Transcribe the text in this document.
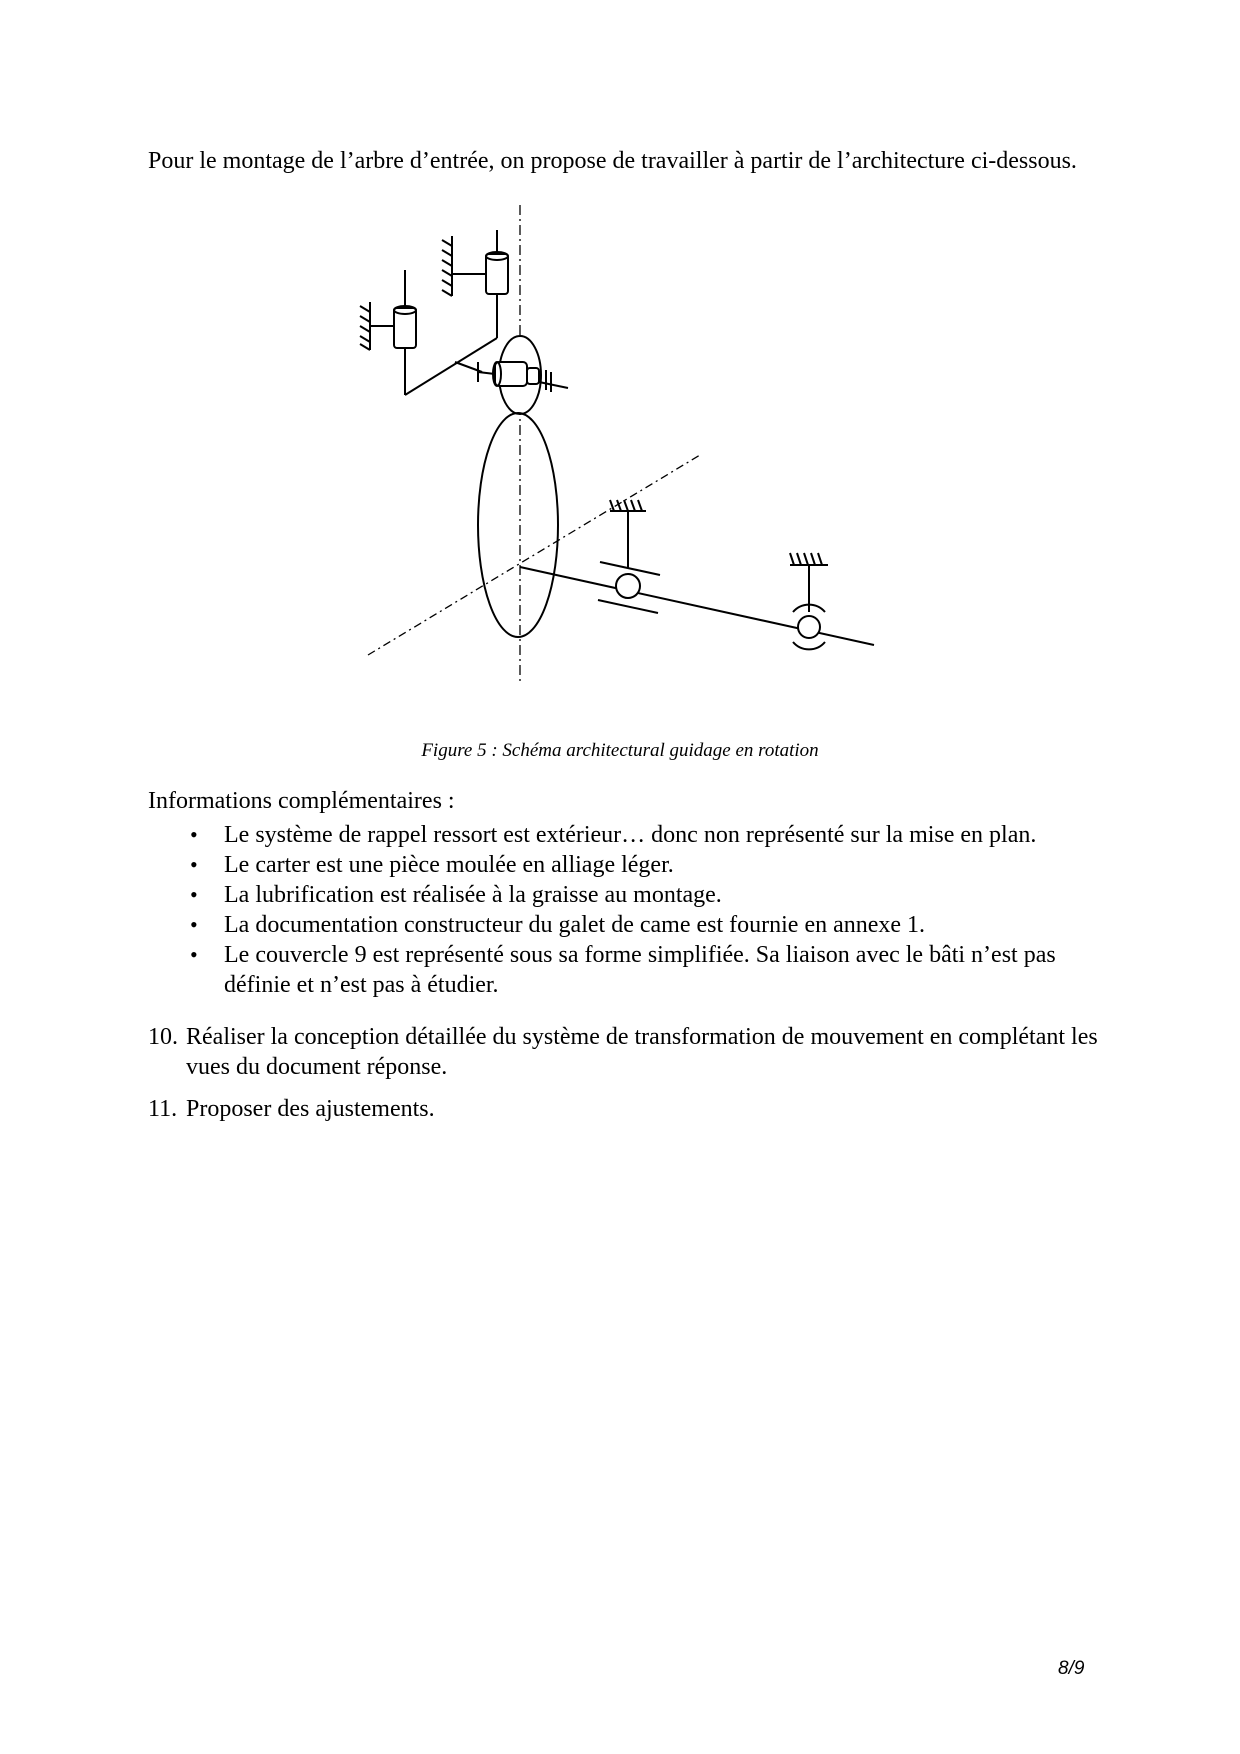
Pour le montage de l’arbre d’entrée, on propose de travailler à partir de l’architecture ci-dessous.

Figure 5 : Schéma architectural guidage en rotation

Informations complémentaires :

• Le système de rappel ressort est extérieur… donc non représenté sur la mise en plan.
• Le carter est une pièce moulée en alliage léger.
• La lubrification est réalisée à la graisse au montage.
• La documentation constructeur du galet de came est fournie en annexe 1.
• Le couvercle 9 est représenté sous sa forme simplifiée. Sa liaison avec le bâti n’est pas définie et n’est pas à étudier.
10. Réaliser la conception détaillée du système de transformation de mouvement en complétant les vues du document réponse.
11. Proposer des ajustements.

8/9
